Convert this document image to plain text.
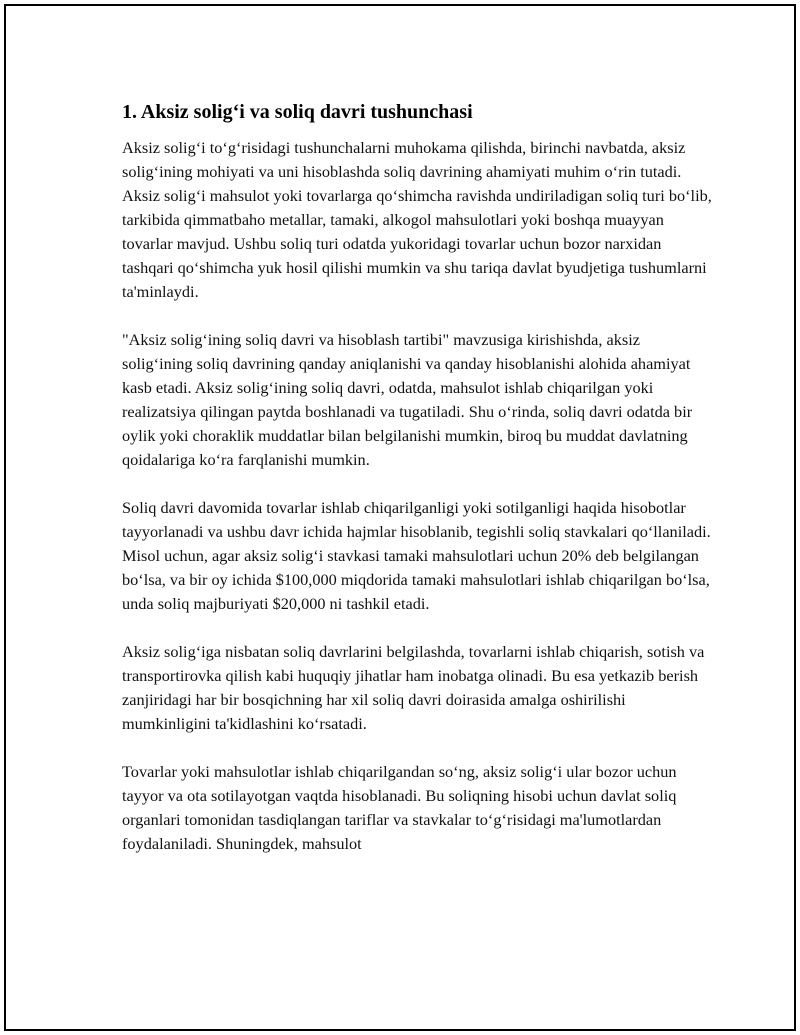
1. Aksiz solig‘i va soliq davri tushunchasi

Aksiz solig‘i to‘g‘risidagi tushunchalarni muhokama qilishda, birinchi navbatda, aksiz solig‘ining mohiyati va uni hisoblashda soliq davrining ahamiyati muhim o‘rin tutadi. Aksiz solig‘i mahsulot yoki tovarlarga qo‘shimcha ravishda undiriladigan soliq turi bo‘lib, tarkibida qimmatbaho metallar, tamaki, alkogol mahsulotlari yoki boshqa muayyan tovarlar mavjud. Ushbu soliq turi odatda yukoridagi tovarlar uchun bozor narxidan tashqari qo‘shimcha yuk hosil qilishi mumkin va shu tariqa davlat byudjetiga tushumlarni ta'minlaydi.

"Aksiz solig‘ining soliq davri va hisoblash tartibi" mavzusiga kirishishda, aksiz solig‘ining soliq davrining qanday aniqlanishi va qanday hisoblanishi alohida ahamiyat kasb etadi. Aksiz solig‘ining soliq davri, odatda, mahsulot ishlab chiqarilgan yoki realizatsiya qilingan paytda boshlanadi va tugatiladi. Shu o‘rinda, soliq davri odatda bir oylik yoki choraklik muddatlar bilan belgilanishi mumkin, biroq bu muddat davlatning qoidalariga ko‘ra farqlanishi mumkin.

Soliq davri davomida tovarlar ishlab chiqarilganligi yoki sotilganligi haqida hisobotlar tayyorlanadi va ushbu davr ichida hajmlar hisoblanib, tegishli soliq stavkalari qo‘llaniladi. Misol uchun, agar aksiz solig‘i stavkasi tamaki mahsulotlari uchun 20% deb belgilangan bo‘lsa, va bir oy ichida $100,000 miqdorida tamaki mahsulotlari ishlab chiqarilgan bo‘lsa, unda soliq majburiyati $20,000 ni tashkil etadi.

Aksiz solig‘iga nisbatan soliq davrlarini belgilashda, tovarlarni ishlab chiqarish, sotish va transportirovka qilish kabi huquqiy jihatlar ham inobatga olinadi. Bu esa yetkazib berish zanjiridagi har bir bosqichning har xil soliq davri doirasida amalga oshirilishi mumkinligini ta'kidlashini ko‘rsatadi.

Tovarlar yoki mahsulotlar ishlab chiqarilgandan so‘ng, aksiz solig‘i ular bozor uchun tayyor va ota sotilayotgan vaqtda hisoblanadi. Bu soliqning hisobi uchun davlat soliq organlari tomonidan tasdiqlangan tariflar va stavkalar to‘g‘risidagi ma'lumotlardan foydalaniladi. Shuningdek, mahsulot
